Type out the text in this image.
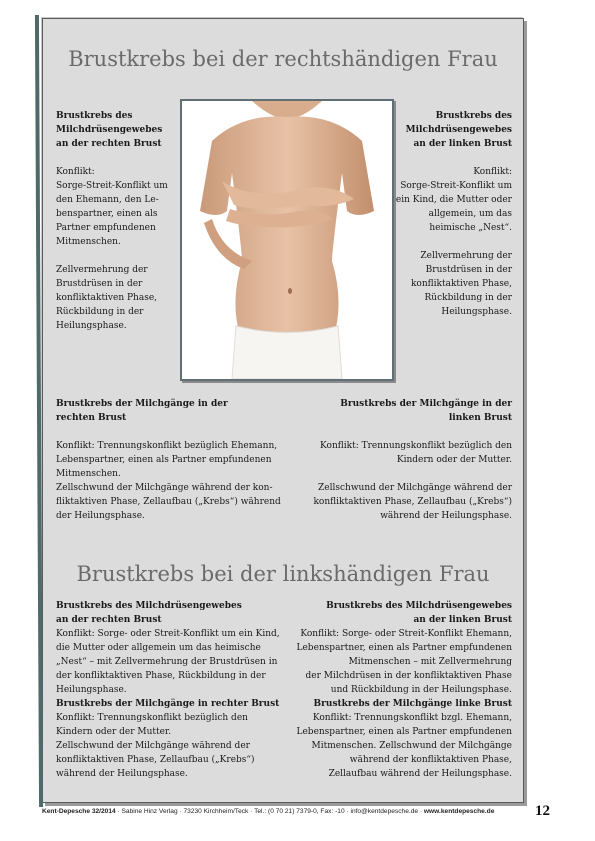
Brustkrebs bei der rechtshändigen Frau
Brustkrebs des
Milchdrüsengewebes
an der rechten Brust

Konflikt:
Sorge-Streit-Konflikt um
den Ehemann, den Le-
benspartner, einen als
Partner empfundenen
Mitmenschen.

Zellvermehrung der
Brustdrüsen in der
konfliktaktiven Phase,
Rückbildung in der
Heilungsphase.
Brustkrebs des
Milchdrüsengewebes
an der linken Brust

Konflikt:
Sorge-Streit-Konflikt um
ein Kind, die Mutter oder
allgemein, um das
heimische „Nest“.

Zellvermehrung der
Brustdrüsen in der
konfliktaktiven Phase,
Rückbildung in der
Heilungsphase.
Brustkrebs der Milchgänge in der
rechten Brust

Konflikt: Trennungskonflikt bezüglich Ehemann,
Lebenspartner, einen als Partner empfundenen
Mitmenschen.
Zellschwund der Milchgänge während der kon-
fliktaktiven Phase, Zellaufbau („Krebs“) während
der Heilungsphase.
Brustkrebs der Milchgänge in der
linken Brust

Konflikt: Trennungskonflikt bezüglich den
Kindern oder der Mutter.

Zellschwund der Milchgänge während der
konfliktaktiven Phase, Zellaufbau („Krebs“)
während der Heilungsphase.
Brustkrebs bei der linkshändigen Frau
Brustkrebs des Milchdrüsengewebes
an der rechten Brust
Konflikt: Sorge- oder Streit-Konflikt um ein Kind,
die Mutter oder allgemein um das heimische
„Nest“ – mit Zellvermehrung der Brustdrüsen in
der konfliktaktiven Phase, Rückbildung in der
Heilungsphase.
Brustkrebs der Milchgänge in rechter Brust
Konflikt: Trennungskonflikt bezüglich den
Kindern oder der Mutter.
Zellschwund der Milchgänge während der
konfliktaktiven Phase, Zellaufbau („Krebs“)
während der Heilungsphase.
Brustkrebs des Milchdrüsengewebes
an der linken Brust
Konflikt: Sorge- oder Streit-Konflikt Ehemann,
Lebenspartner, einen als Partner empfundenen
Mitmenschen – mit Zellvermehrung
der Milchdrüsen in der konfliktaktiven Phase
und Rückbildung in der Heilungsphase.
Brustkrebs der Milchgänge linke Brust
Konflikt: Trennungskonflikt bzgl. Ehemann,
Lebenspartner, einen als Partner empfundenen
Mitmenschen. Zellschwund der Milchgänge
während der konfliktaktiven Phase,
Zellaufbau während der Heilungsphase.
Kent-Depesche 32/2014 · Sabine Hinz Verlag · 73230 Kirchheim/Teck · Tel.: (0 70 21) 7379-0, Fax: -10 · info@kentdepesche.de · www.kentdepesche.de	12
